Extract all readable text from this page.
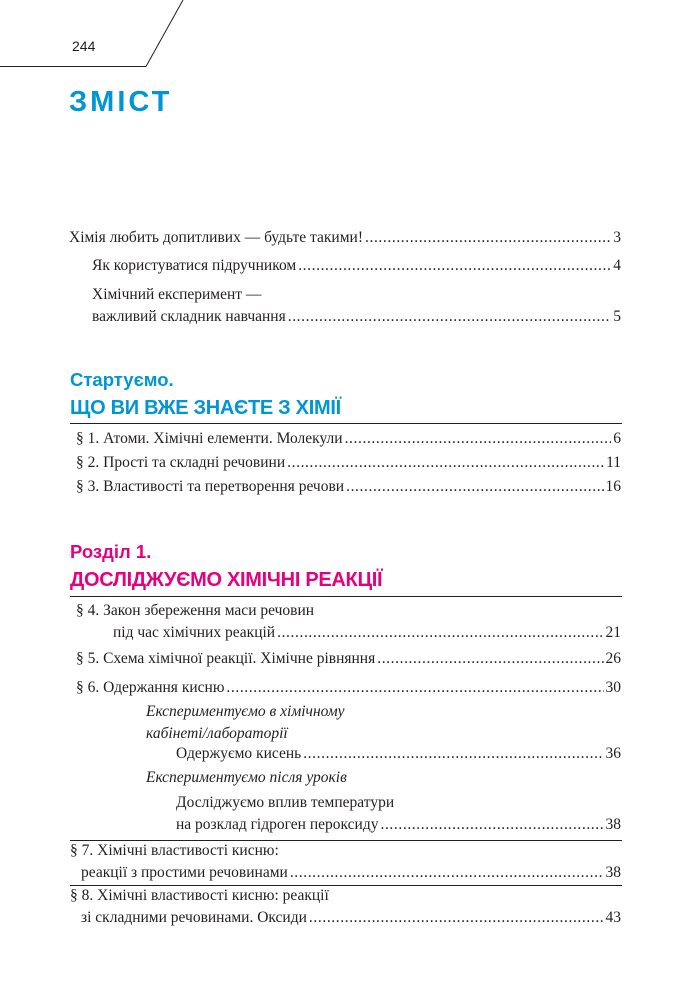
244
ЗМІСТ
Хімія любить допитливих — будьте такими! .....	3
Як користуватися підручником .....	4
Хімічний експеримент —
важливий складник навчання .....	5
Стартуємо.
ЩО ВИ ВЖЕ ЗНАЄТЕ З ХІМІЇ
§ 1. Атоми. Хімічні елементи. Молекули .....	6
§ 2. Прості та складні речовини .....	11
§ 3. Властивості та перетворення речови .....	16
Розділ 1.
ДОСЛІДЖУЄМО ХІМІЧНІ РЕАКЦІЇ
§ 4. Закон збереження маси речовин
під час хімічних реакцій .....	21
§ 5. Схема хімічної реакції. Хімічне рівняння .....	26
§ 6. Одержання кисню .....	30
Експериментуємо в хімічному
кабінеті/лабораторії
Одержуємо кисень .....	36
Експериментуємо після уроків
Досліджуємо вплив температури
на розклад гідроген пероксиду .....	38
§ 7. Хімічні властивості кисню:
реакції з простими речовинами .....	38
§ 8. Хімічні властивості кисню: реакції
зі складними речовинами. Оксиди .....	43
